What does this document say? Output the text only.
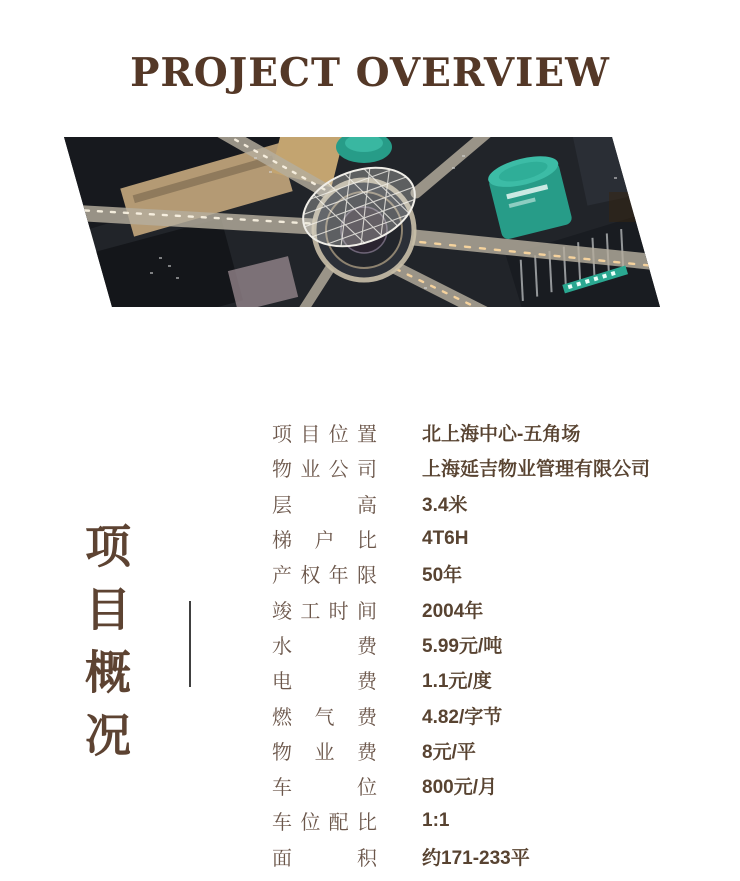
PROJECT OVERVIEW
项目概况
项目位置 北上海中心-五角场
物业公司 上海延吉物业管理有限公司
层高 3.4米
梯户比 4T6H
产权年限 50年
竣工时间 2004年
水费 5.99元/吨
电费 1.1元/度
燃气费 4.82/字节
物业费 8元/平
车位 800元/月
车位配比 1:1
面积 约171-233平
